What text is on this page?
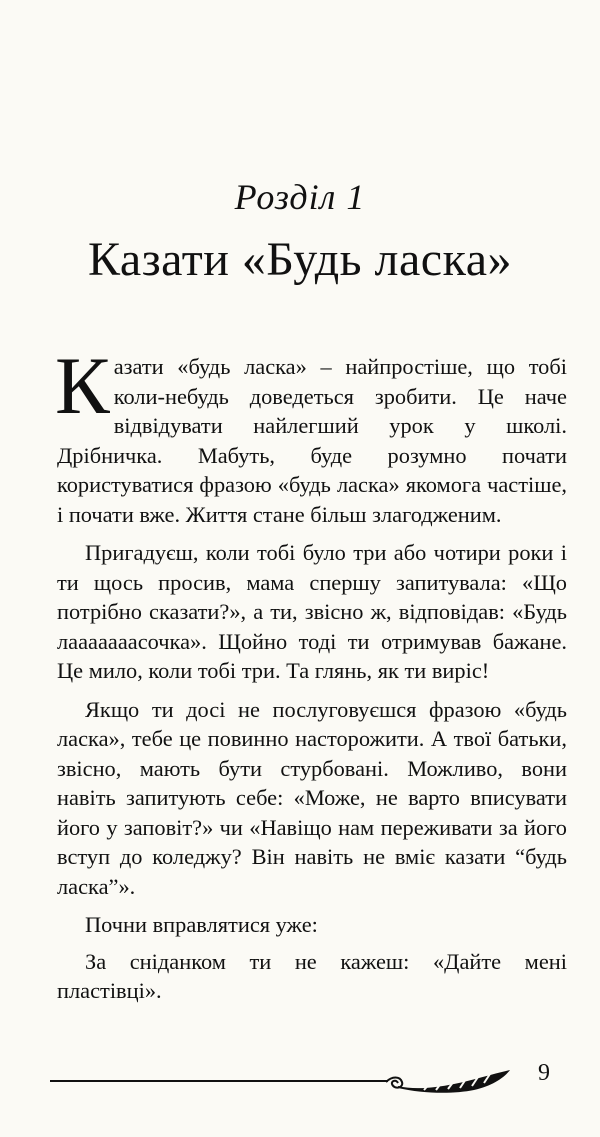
Розділ 1
Казати «Будь ласка»

Казати «будь ласка» – найпростіше, що тобі коли-небудь доведеться зробити. Це наче відвідувати найлегший урок у школі. Дрібничка. Мабуть, буде розумно почати користуватися фразою «будь ласка» якомога частіше, і почати вже. Життя стане більш злагодженим.

Пригадуєш, коли тобі було три або чотири роки і ти щось просив, мама спершу запитувала: «Що потрібно сказати?», а ти, звісно ж, відповідав: «Будь лааааааасочка». Щойно тоді ти отримував бажане. Це мило, коли тобі три. Та глянь, як ти виріс!

Якщо ти досі не послуговуєшся фразою «будь ласка», тебе це повинно насторожити. А твої батьки, звісно, мають бути стурбовані. Можливо, вони навіть запитують себе: «Може, не варто вписувати його у заповіт?» чи «Навіщо нам переживати за його вступ до коледжу? Він навіть не вміє казати “будь ласка”».

Почни вправлятися уже:

За сніданком ти не кажеш: «Дайте мені пластівці».

9
